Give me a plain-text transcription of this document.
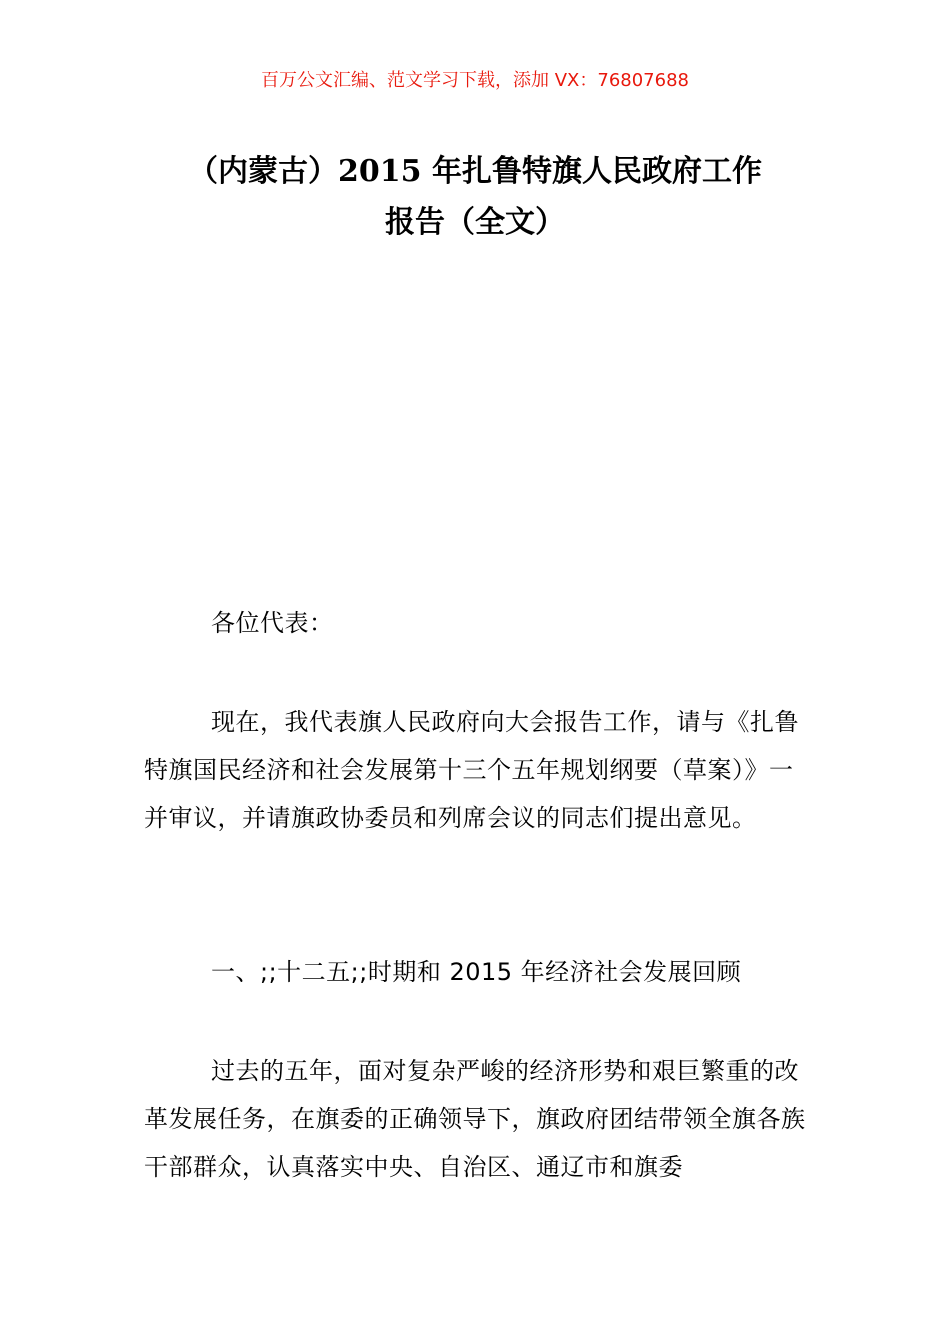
百万公文汇编、范文学习下载，添加 VX：76807688
（内蒙古）2015 年扎鲁特旗人民政府工作
报告（全文）

各位代表：

现在，我代表旗人民政府向大会报告工作，请与《扎鲁特旗国民经济和社会发展第十三个五年规划纲要（草案）》一并审议，并请旗政协委员和列席会议的同志们提出意见。

一、;;十二五;;时期和 2015 年经济社会发展回顾

过去的五年，面对复杂严峻的经济形势和艰巨繁重的改革发展任务，在旗委的正确领导下，旗政府团结带领全旗各族干部群众，认真落实中央、自治区、通辽市和旗委
